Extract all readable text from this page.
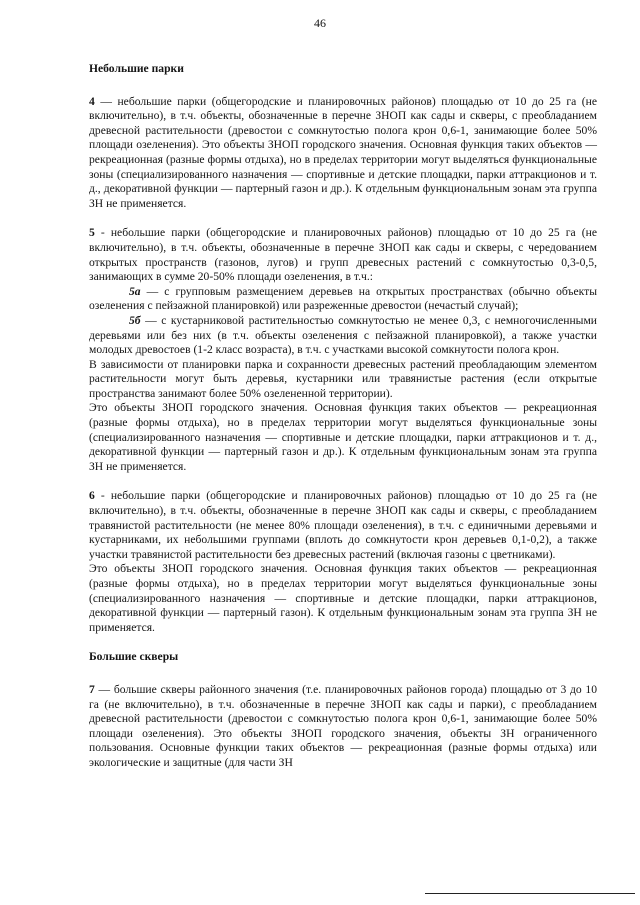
46
Небольшие парки

4 — небольшие парки (общегородские и планировочных районов) площадью от 10 до 25 га (не включительно), в т.ч. объекты, обозначенные в перечне ЗНОП как сады и скверы, с преобладанием древесной растительности (древостои с сомкнутостью полога крон 0,6-1, занимающие более 50% площади озеленения). Это объекты ЗНОП городского значения. Основная функция таких объектов — рекреационная (разные формы отдыха), но в пределах территории могут выделяться функциональные зоны (специализированного назначения — спортивные и детские площадки, парки аттракционов и т. д., декоративной функции — партерный газон и др.). К отдельным функциональным зонам эта группа ЗН не применяется.

5 - небольшие парки (общегородские и планировочных районов) площадью от 10 до 25 га (не включительно), в т.ч. объекты, обозначенные в перечне ЗНОП как сады и скверы, с чередованием открытых пространств (газонов, лугов) и групп древесных растений с сомкнутостью 0,3-0,5, занимающих в сумме 20-50% площади озеленения, в т.ч.:

5а — с групповым размещением деревьев на открытых пространствах (обычно объекты озеленения с пейзажной планировкой) или разреженные древостои (нечастый случай);

5б — с кустарниковой растительностью сомкнутостью не менее 0,3, с немногочисленными деревьями или без них (в т.ч. объекты озеленения с пейзажной планировкой), а также участки молодых древостоев (1-2 класс возраста), в т.ч. с участками высокой сомкнутости полога крон.

В зависимости от планировки парка и сохранности древесных растений преобладающим элементом растительности могут быть деревья, кустарники или травянистые растения (если открытые пространства занимают более 50% озелененной территории).

Это объекты ЗНОП городского значения. Основная функция таких объектов — рекреационная (разные формы отдыха), но в пределах территории могут выделяться функциональные зоны (специализированного назначения — спортивные и детские площадки, парки аттракционов и т. д., декоративной функции — партерный газон и др.). К отдельным функциональным зонам эта группа ЗН не применяется.

6 - небольшие парки (общегородские и планировочных районов) площадью от 10 до 25 га (не включительно), в т.ч. объекты, обозначенные в перечне ЗНОП как сады и скверы, с преобладанием травянистой растительности (не менее 80% площади озеленения), в т.ч. с единичными деревьями и кустарниками, их небольшими группами (вплоть до сомкнутости крон деревьев 0,1-0,2), а также участки травянистой растительности без древесных растений (включая газоны с цветниками).

Это объекты ЗНОП городского значения. Основная функция таких объектов — рекреационная (разные формы отдыха), но в пределах территории могут выделяться функциональные зоны (специализированного назначения — спортивные и детские площадки, парки аттракционов, декоративной функции — партерный газон). К отдельным функциональным зонам эта группа ЗН не применяется.

Большие скверы

7 — большие скверы районного значения (т.е. планировочных районов города) площадью от 3 до 10 га (не включительно), в т.ч. обозначенные в перечне ЗНОП как сады и парки), с преобладанием древесной растительности (древостои с сомкнутостью полога крон 0,6-1, занимающие более 50% площади озеленения). Это объекты ЗНОП городского значения, объекты ЗН ограниченного пользования. Основные функции таких объектов — рекреационная (разные формы отдыха) или экологические и защитные (для части ЗН
